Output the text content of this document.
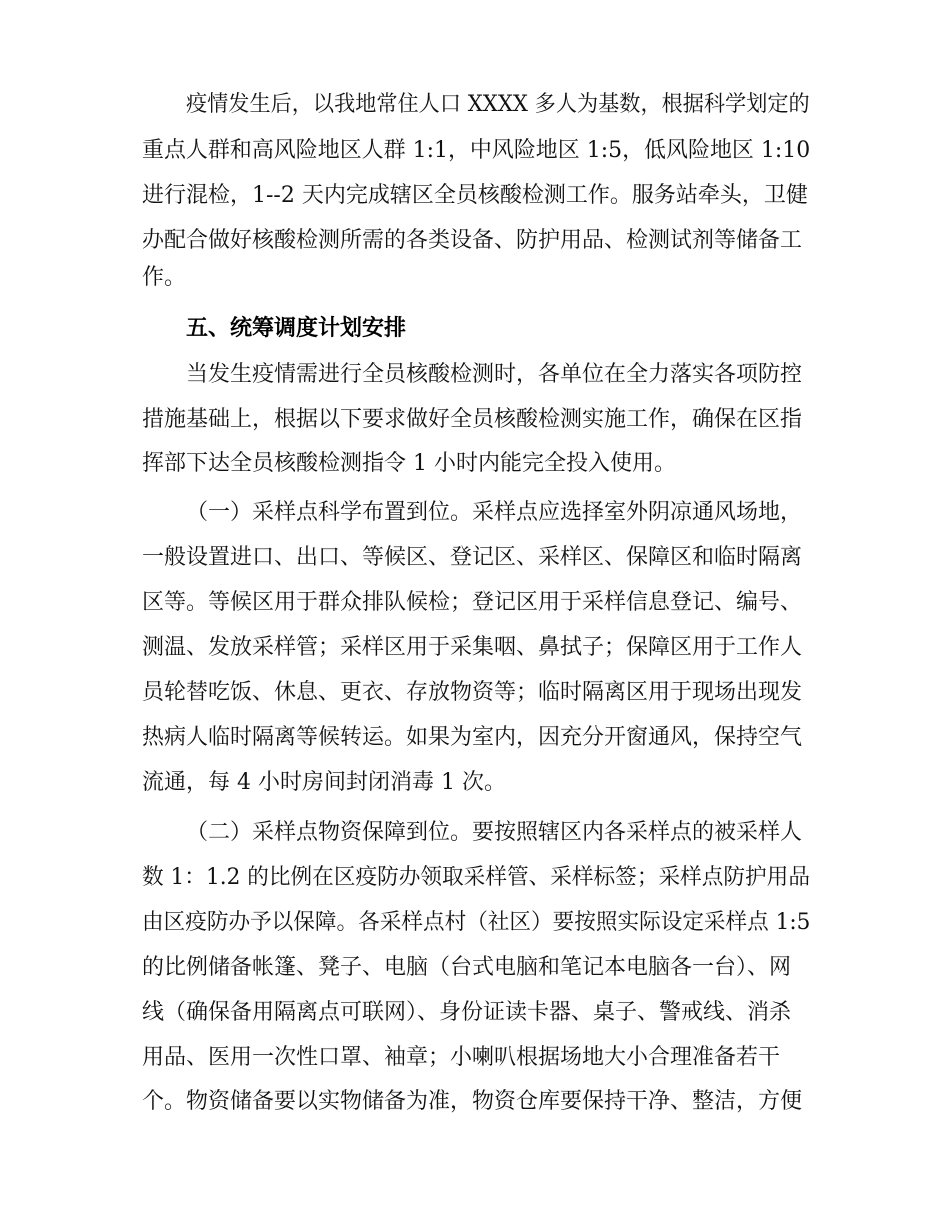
疫情发生后，以我地常住人口 XXXX 多人为基数，根据科学划定的
重点人群和高风险地区人群 1:1，中风险地区 1:5，低风险地区 1:10
进行混检，1--2 天内完成辖区全员核酸检测工作。服务站牵头，卫健
办配合做好核酸检测所需的各类设备、防护用品、检测试剂等储备工
作。
五、统筹调度计划安排
当发生疫情需进行全员核酸检测时，各单位在全力落实各项防控
措施基础上，根据以下要求做好全员核酸检测实施工作，确保在区指
挥部下达全员核酸检测指令 1 小时内能完全投入使用。
（一）采样点科学布置到位。采样点应选择室外阴凉通风场地，
一般设置进口、出口、等候区、登记区、采样区、保障区和临时隔离
区等。等候区用于群众排队候检；登记区用于采样信息登记、编号、
测温、发放采样管；采样区用于采集咽、鼻拭子；保障区用于工作人
员轮替吃饭、休息、更衣、存放物资等；临时隔离区用于现场出现发
热病人临时隔离等候转运。如果为室内，因充分开窗通风，保持空气
流通，每 4 小时房间封闭消毒 1 次。
（二）采样点物资保障到位。要按照辖区内各采样点的被采样人
数 1：1.2 的比例在区疫防办领取采样管、采样标签；采样点防护用品
由区疫防办予以保障。各采样点村（社区）要按照实际设定采样点 1:5
的比例储备帐篷、凳子、电脑（台式电脑和笔记本电脑各一台）、网
线（确保备用隔离点可联网）、身份证读卡器、桌子、警戒线、消杀
用品、医用一次性口罩、袖章；小喇叭根据场地大小合理准备若干
个。物资储备要以实物储备为准，物资仓库要保持干净、整洁，方便
